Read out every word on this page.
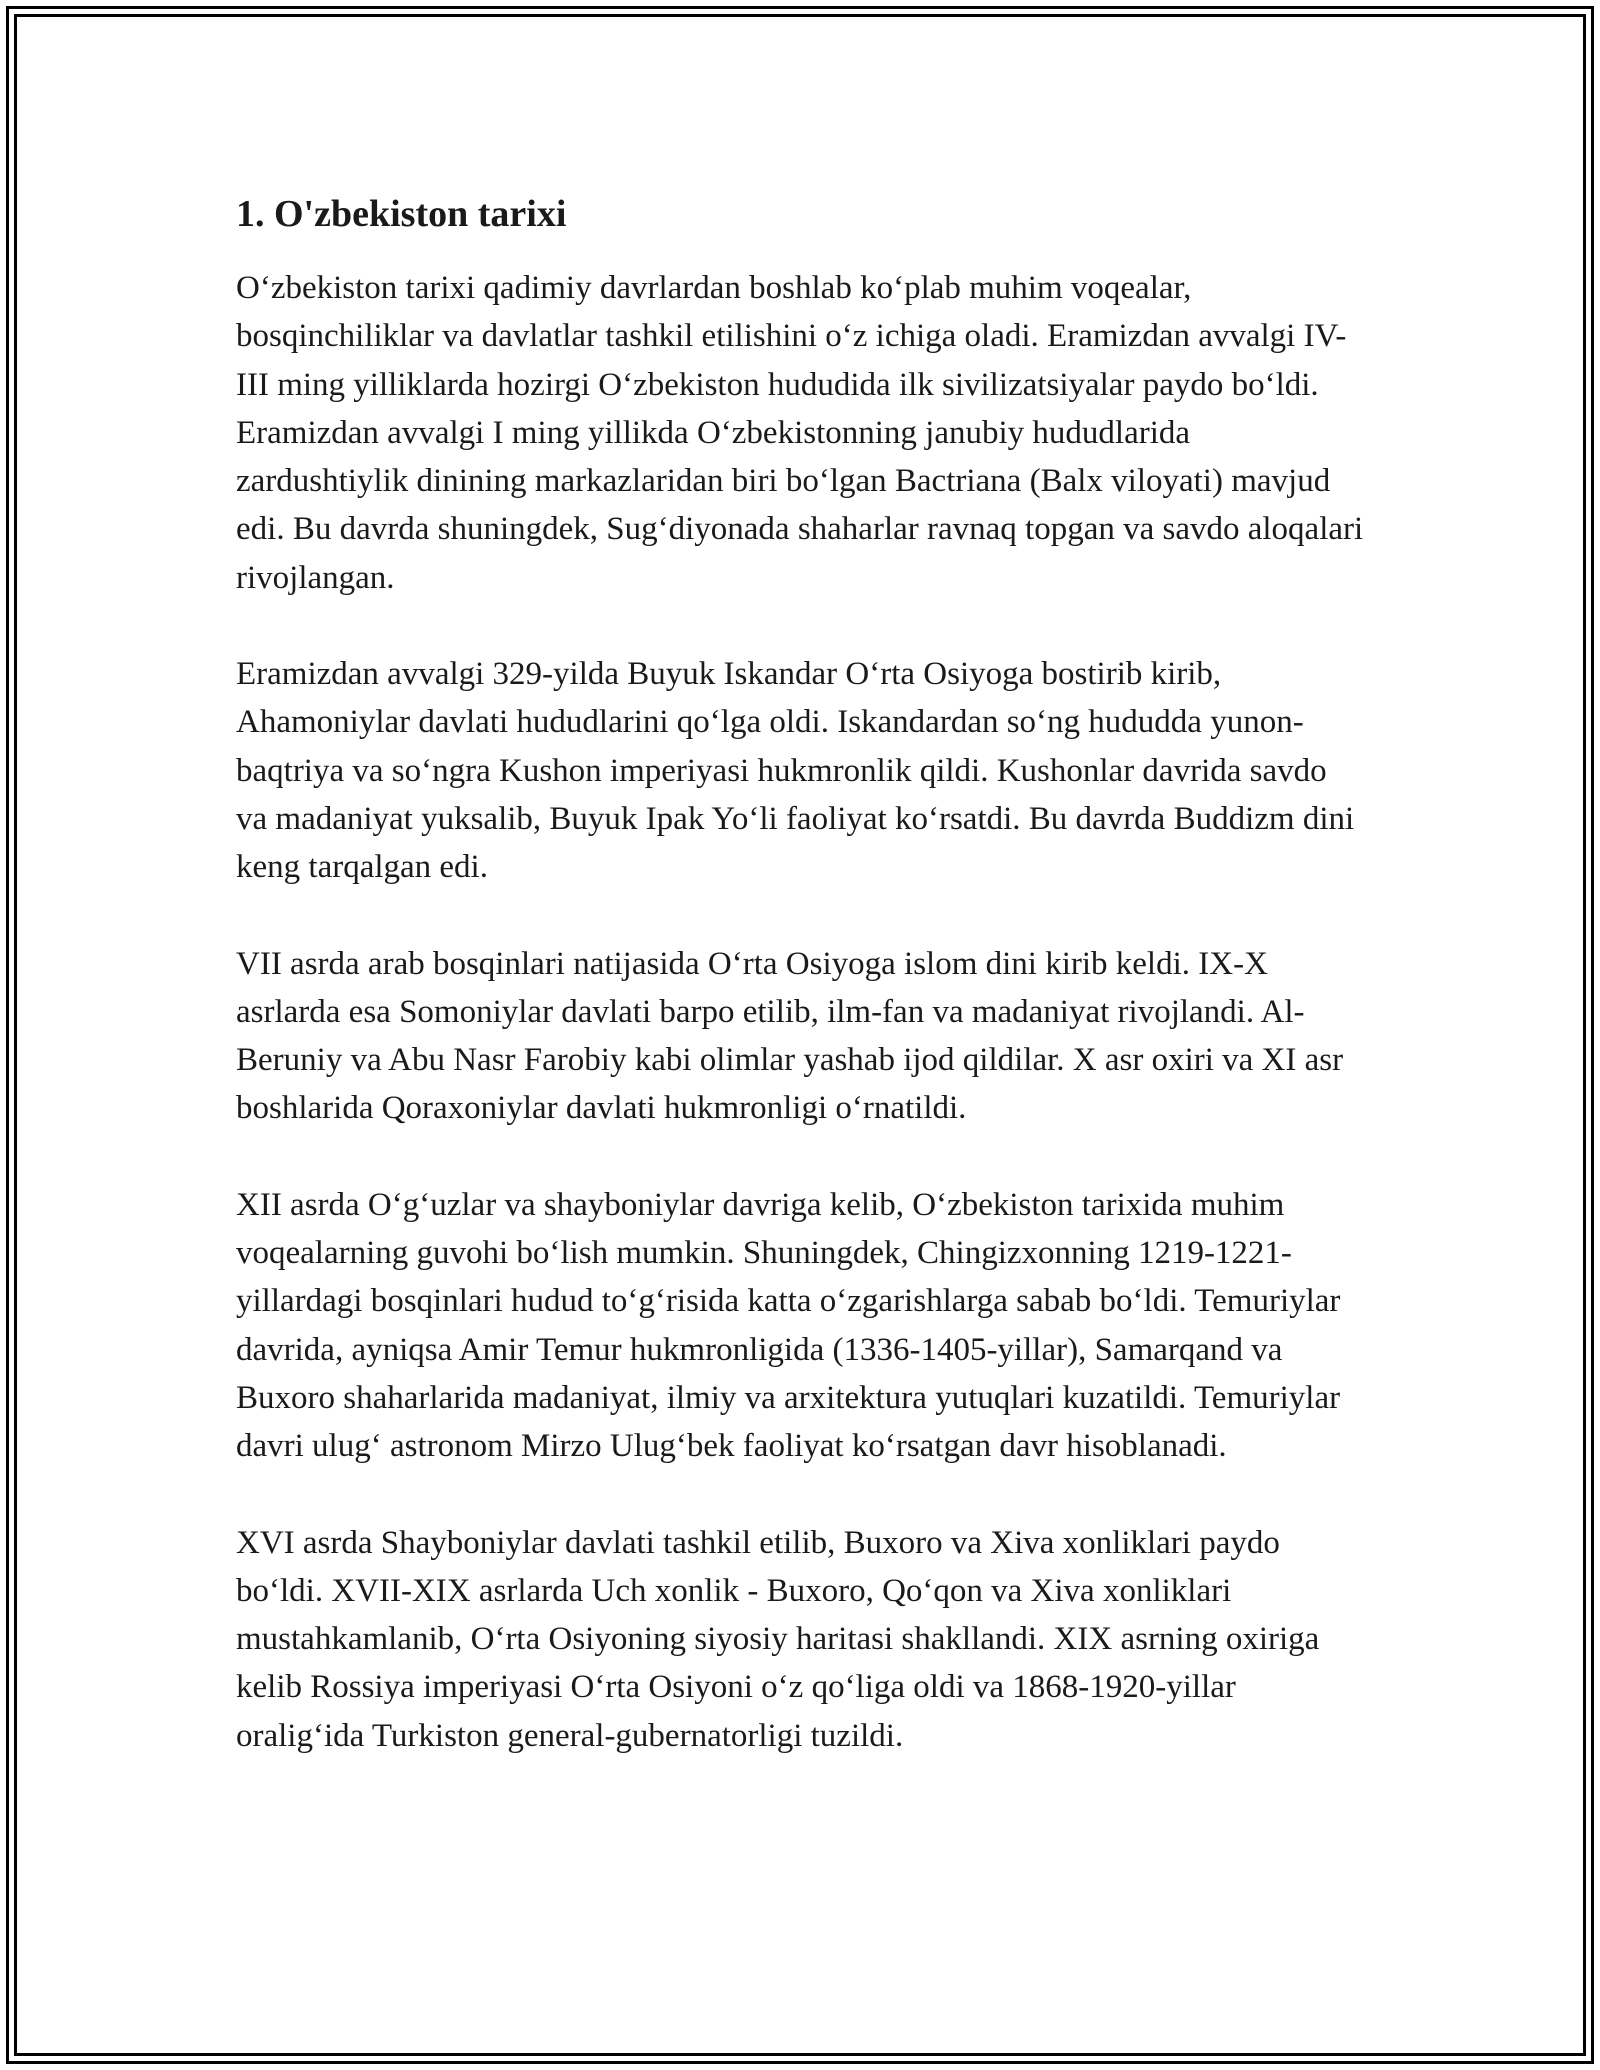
1. O'zbekiston tarixi

O‘zbekiston tarixi qadimiy davrlardan boshlab ko‘plab muhim voqealar, bosqinchiliklar va davlatlar tashkil etilishini o‘z ichiga oladi. Eramizdan avvalgi IV-III ming yilliklarda hozirgi O‘zbekiston hududida ilk sivilizatsiyalar paydo bo‘ldi. Eramizdan avvalgi I ming yillikda O‘zbekistonning janubiy hududlarida zardushtiylik dinining markazlaridan biri bo‘lgan Bactriana (Balx viloyati) mavjud edi. Bu davrda shuningdek, Sug‘diyonada shaharlar ravnaq topgan va savdo aloqalari rivojlangan.

Eramizdan avvalgi 329-yilda Buyuk Iskandar O‘rta Osiyoga bostirib kirib, Ahamoniylar davlati hududlarini qo‘lga oldi. Iskandardan so‘ng hududda yunon-baqtriya va so‘ngra Kushon imperiyasi hukmronlik qildi. Kushonlar davrida savdo va madaniyat yuksalib, Buyuk Ipak Yo‘li faoliyat ko‘rsatdi. Bu davrda Buddizm dini keng tarqalgan edi.

VII asrda arab bosqinlari natijasida O‘rta Osiyoga islom dini kirib keldi. IX-X asrlarda esa Somoniylar davlati barpo etilib, ilm-fan va madaniyat rivojlandi. Al-Beruniy va Abu Nasr Farobiy kabi olimlar yashab ijod qildilar. X asr oxiri va XI asr boshlarida Qoraxoniylar davlati hukmronligi o‘rnatildi.

XII asrda O‘g‘uzlar va shayboniylar davriga kelib, O‘zbekiston tarixida muhim voqealarning guvohi bo‘lish mumkin. Shuningdek, Chingizxonning 1219-1221-yillardagi bosqinlari hudud to‘g‘risida katta o‘zgarishlarga sabab bo‘ldi. Temuriylar davrida, ayniqsa Amir Temur hukmronligida (1336-1405-yillar), Samarqand va Buxoro shaharlarida madaniyat, ilmiy va arxitektura yutuqlari kuzatildi. Temuriylar davri ulug‘ astronom Mirzo Ulug‘bek faoliyat ko‘rsatgan davr hisoblanadi.

XVI asrda Shayboniylar davlati tashkil etilib, Buxoro va Xiva xonliklari paydo bo‘ldi. XVII-XIX asrlarda Uch xonlik - Buxoro, Qo‘qon va Xiva xonliklari mustahkamlanib, O‘rta Osiyoning siyosiy haritasi shakllandi. XIX asrning oxiriga kelib Rossiya imperiyasi O‘rta Osiyoni o‘z qo‘liga oldi va 1868-1920-yillar oralig‘ida Turkiston general-gubernatorligi tuzildi.
